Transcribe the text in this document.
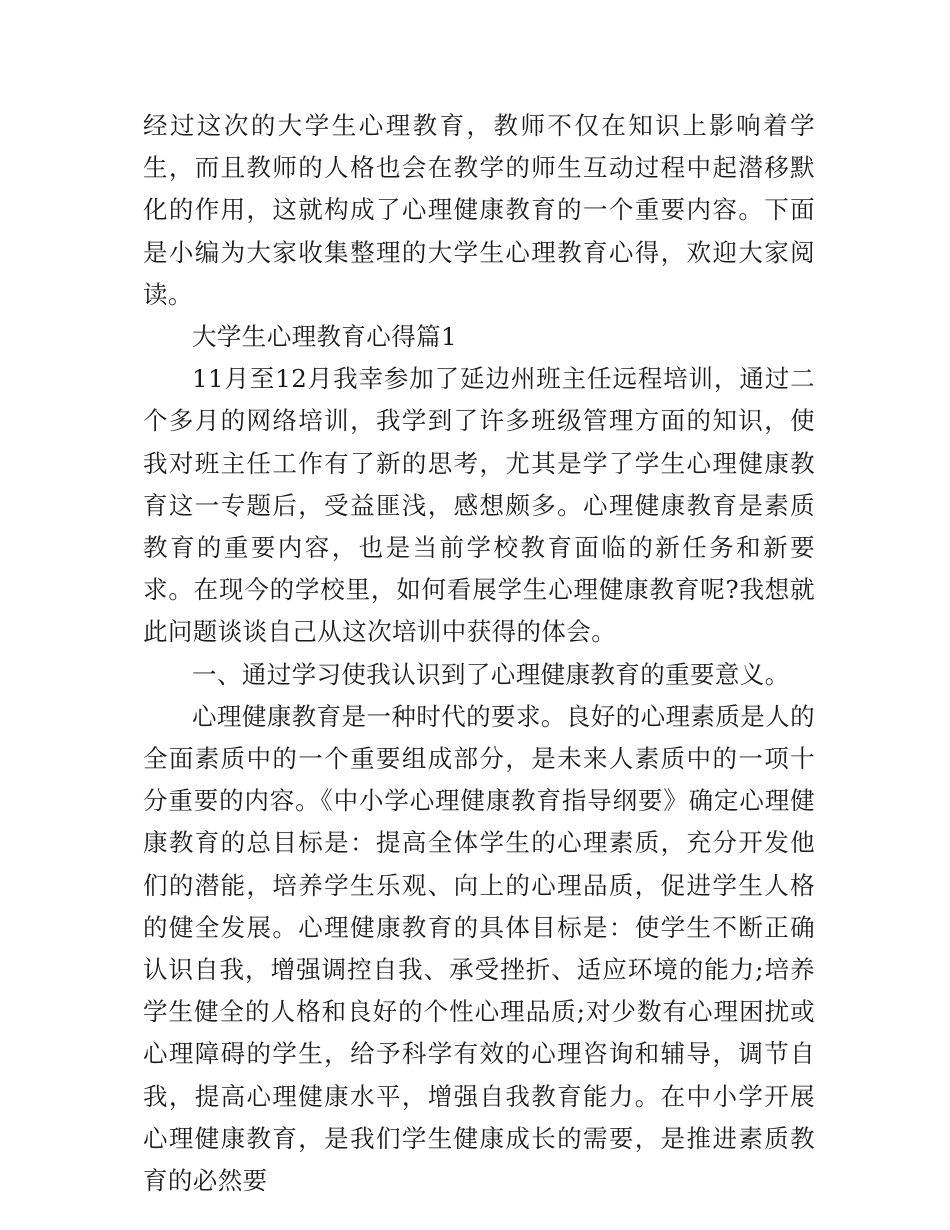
经过这次的大学生心理教育，教师不仅在知识上影响着学生，而且教师的人格也会在教学的师生互动过程中起潜移默化的作用，这就构成了心理健康教育的一个重要内容。下面是小编为大家收集整理的大学生心理教育心得，欢迎大家阅读。

大学生心理教育心得篇1

11月至12月我幸参加了延边州班主任远程培训，通过二个多月的网络培训，我学到了许多班级管理方面的知识，使我对班主任工作有了新的思考，尤其是学了学生心理健康教育这一专题后，受益匪浅，感想颇多。心理健康教育是素质教育的重要内容，也是当前学校教育面临的新任务和新要求。在现今的学校里，如何看展学生心理健康教育呢?我想就此问题谈谈自己从这次培训中获得的体会。

一、通过学习使我认识到了心理健康教育的重要意义。

心理健康教育是一种时代的要求。良好的心理素质是人的全面素质中的一个重要组成部分，是未来人素质中的一项十分重要的内容。《中小学心理健康教育指导纲要》确定心理健康教育的总目标是：提高全体学生的心理素质，充分开发他们的潜能，培养学生乐观、向上的心理品质，促进学生人格的健全发展。心理健康教育的具体目标是：使学生不断正确认识自我，增强调控自我、承受挫折、适应环境的能力;培养学生健全的人格和良好的个性心理品质;对少数有心理困扰或心理障碍的学生，给予科学有效的心理咨询和辅导，调节自我，提高心理健康水平，增强自我教育能力。在中小学开展心理健康教育，是我们学生健康成长的需要，是推进素质教育的必然要
